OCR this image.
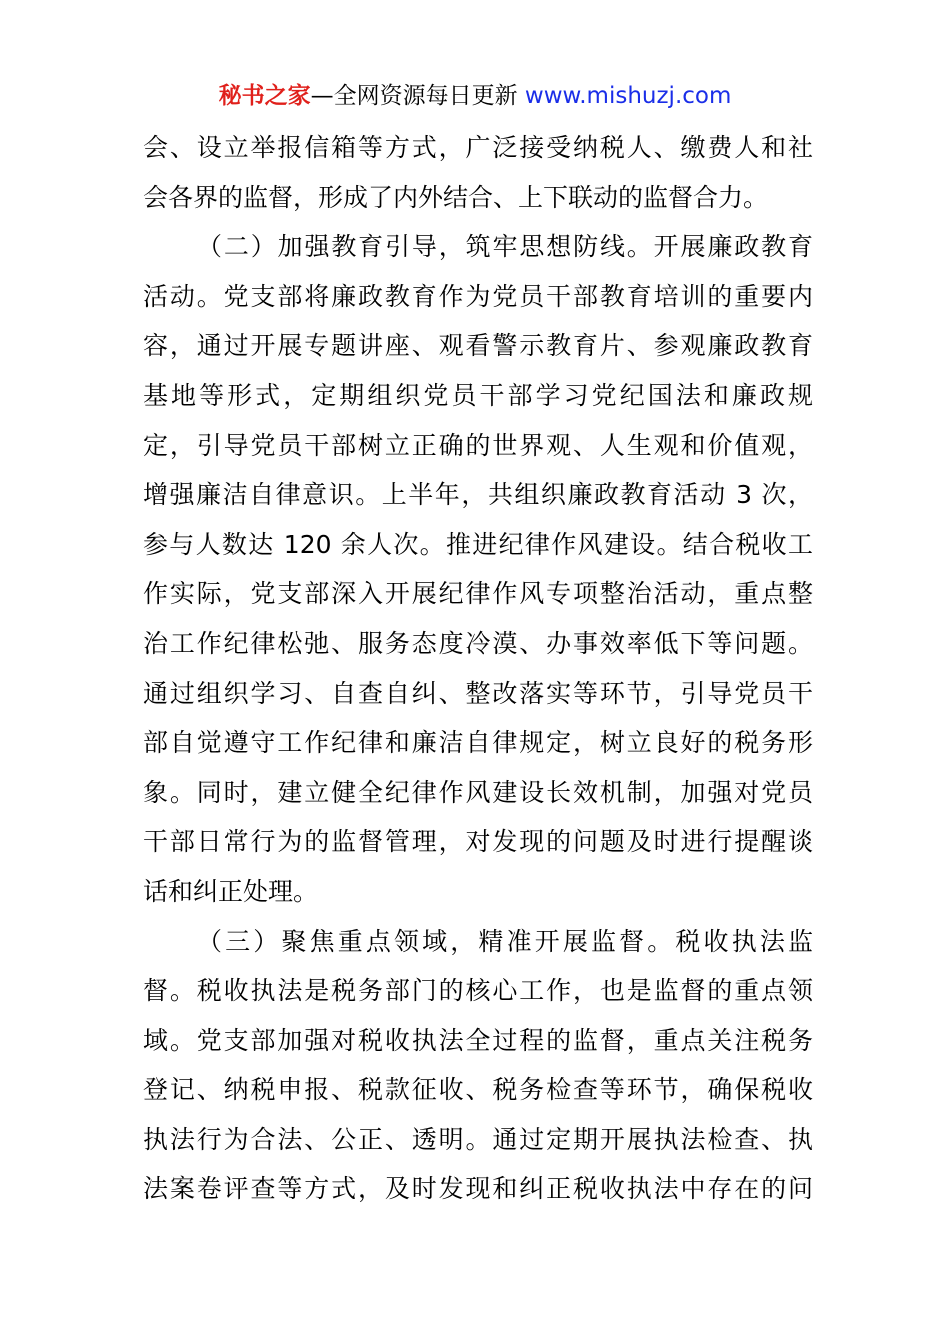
秘书之家—全网资源每日更新 www.mishuzj.com
会、设立举报信箱等方式，广泛接受纳税人、缴费人和社
会各界的监督，形成了内外结合、上下联动的监督合力。
（二）加强教育引导，筑牢思想防线。开展廉政教育
活动。党支部将廉政教育作为党员干部教育培训的重要内
容，通过开展专题讲座、观看警示教育片、参观廉政教育
基地等形式，定期组织党员干部学习党纪国法和廉政规
定，引导党员干部树立正确的世界观、人生观和价值观，
增强廉洁自律意识。上半年，共组织廉政教育活动 3 次，
参与人数达 120 余人次。推进纪律作风建设。结合税收工
作实际，党支部深入开展纪律作风专项整治活动，重点整
治工作纪律松弛、服务态度冷漠、办事效率低下等问题。
通过组织学习、自查自纠、整改落实等环节，引导党员干
部自觉遵守工作纪律和廉洁自律规定，树立良好的税务形
象。同时，建立健全纪律作风建设长效机制，加强对党员
干部日常行为的监督管理，对发现的问题及时进行提醒谈
话和纠正处理。
（三）聚焦重点领域，精准开展监督。税收执法监
督。税收执法是税务部门的核心工作，也是监督的重点领
域。党支部加强对税收执法全过程的监督，重点关注税务
登记、纳税申报、税款征收、税务检查等环节，确保税收
执法行为合法、公正、透明。通过定期开展执法检查、执
法案卷评查等方式，及时发现和纠正税收执法中存在的问
